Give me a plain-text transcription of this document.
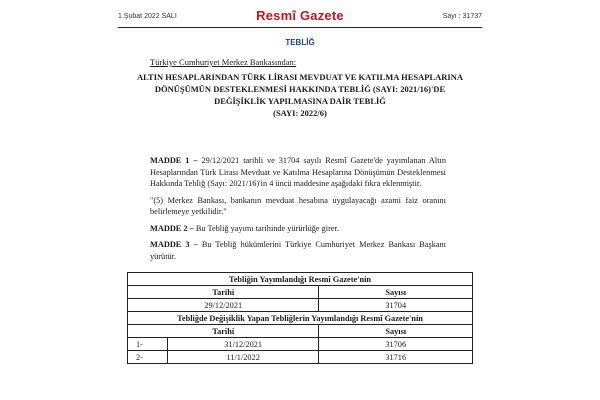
1 Şubat 2022 SALI	Resmî Gazete	Sayı : 31737
TEBLİĞ
Türkiye Cumhuriyet Merkez Bankasından:
ALTIN HESAPLARINDAN TÜRK LİRASI MEVDUAT VE KATILMA HESAPLARINA
DÖNÜŞÜMÜN DESTEKLENMESİ HAKKINDA TEBLİĞ (SAYI: 2021/16)'DE
DEĞİŞİKLİK YAPILMASINA DAİR TEBLİĞ
(SAYI: 2022/6)

MADDE 1 – 29/12/2021 tarihli ve 31704 sayılı Resmî Gazete'de yayımlanan Altın Hesaplarından Türk Lirası Mevduat ve Katılma Hesaplarına Dönüşümün Desteklenmesi Hakkında Tebliğ (Sayı: 2021/16)'in 4 üncü maddesine aşağıdaki fıkra eklenmiştir.

"(5) Merkez Bankası, bankanın mevduat hesabına uygulayacağı azami faiz oranını belirlemeye yetkilidir."

MADDE 2 – Bu Tebliğ yayımı tarihinde yürürlüğe girer.

MADDE 3 – Bu Tebliğ hükümlerini Türkiye Cumhuriyet Merkez Bankası Başkanı yürütür.

Tebliğin Yayımlandığı Resmî Gazete'nin		
Tarihi		Sayısı
29/12/2021		31704
Tebliğde Değişiklik Yapan Tebliğlerin Yayımlandığı Resmî Gazete'nin		
Tarihi		Sayısı
1-	31/12/2021	31706
2-	11/1/2022	31716
